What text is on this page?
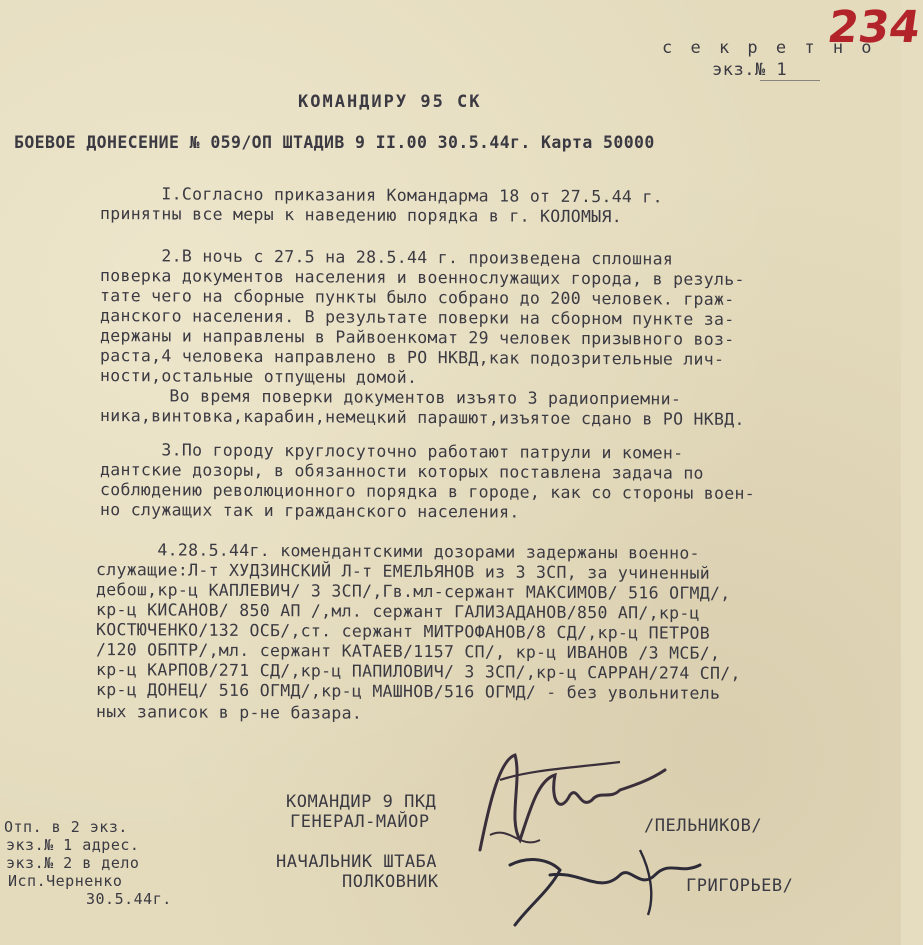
234
с е к р е т н о
экз.№ 1
КОМАНДИРУ 95 СК
БОЕВОЕ ДОНЕСЕНИЕ № 059/ОП ШТАДИВ 9 II.00 30.5.44г. Карта 50000
I.Согласно приказания Командарма 18 от 27.5.44 г.
принятны все меры к наведению порядка в г. КОЛОМЫЯ.
2.В ночь с 27.5 на 28.5.44 г. произведена сплошная
поверка документов населения и военнослужащих города, в резуль-
тате чего на сборные пункты было собрано до 200 человек. граж-
данского населения. В результате поверки на сборном пункте за-
держаны и направлены в Райвоенкомат 29 человек призывного воз-
раста,4 человека направлено в РО НКВД,как подозрительные лич-
ности,остальные отпущены домой.
Во время поверки документов изъято 3 радиоприемни-
ника,винтовка,карабин,немецкий парашют,изъятое сдано в РО НКВД.
3.По городу круглосуточно работают патрули и комен-
дантские дозоры, в обязанности которых поставлена задача по
соблюдению революционного порядка в городе, как со стороны воен-
но служащих так и гражданского населения.
4.28.5.44г. комендантскими дозорами задержаны военно-
служащие:Л-т ХУДЗИНСКИЙ Л-т ЕМЕЛЬЯНОВ из 3 ЗСП, за учиненный
дебош,кр-ц КАПЛЕВИЧ/ 3 ЗСП/,Гв.мл-сержант МАКСИМОВ/ 516 ОГМД/,
кр-ц КИСАНОВ/ 850 АП /,мл. сержант ГАЛИЗАДАНОВ/850 АП/,кр-ц
КОСТЮЧЕНКО/132 ОСБ/,ст. сержант МИТРОФАНОВ/8 СД/,кр-ц ПЕТРОВ
/120 ОБПТР/,мл. сержант КАТАЕВ/1157 СП/, кр-ц ИВАНОВ /3 МСБ/,
кр-ц КАРПОВ/271 СД/,кр-ц ПАПИЛОВИЧ/ 3 ЗСП/,кр-ц САРРАН/274 СП/,
кр-ц ДОНЕЦ/ 516 ОГМД/,кр-ц МАШНОВ/516 ОГМД/ - без увольнитель
ных записок в р-не базара.
КОМАНДИР 9 ПКД
ГЕНЕРАЛ-МАЙОР	/ПЕЛЬНИКОВ/
НАЧАЛЬНИК ШТАБА
ПОЛКОВНИК	ГРИГОРЬЕВ/
Отп. в 2 экз.
экз.№ 1 адрес.
экз.№ 2 в дело
Исп.Черненко
30.5.44г.
